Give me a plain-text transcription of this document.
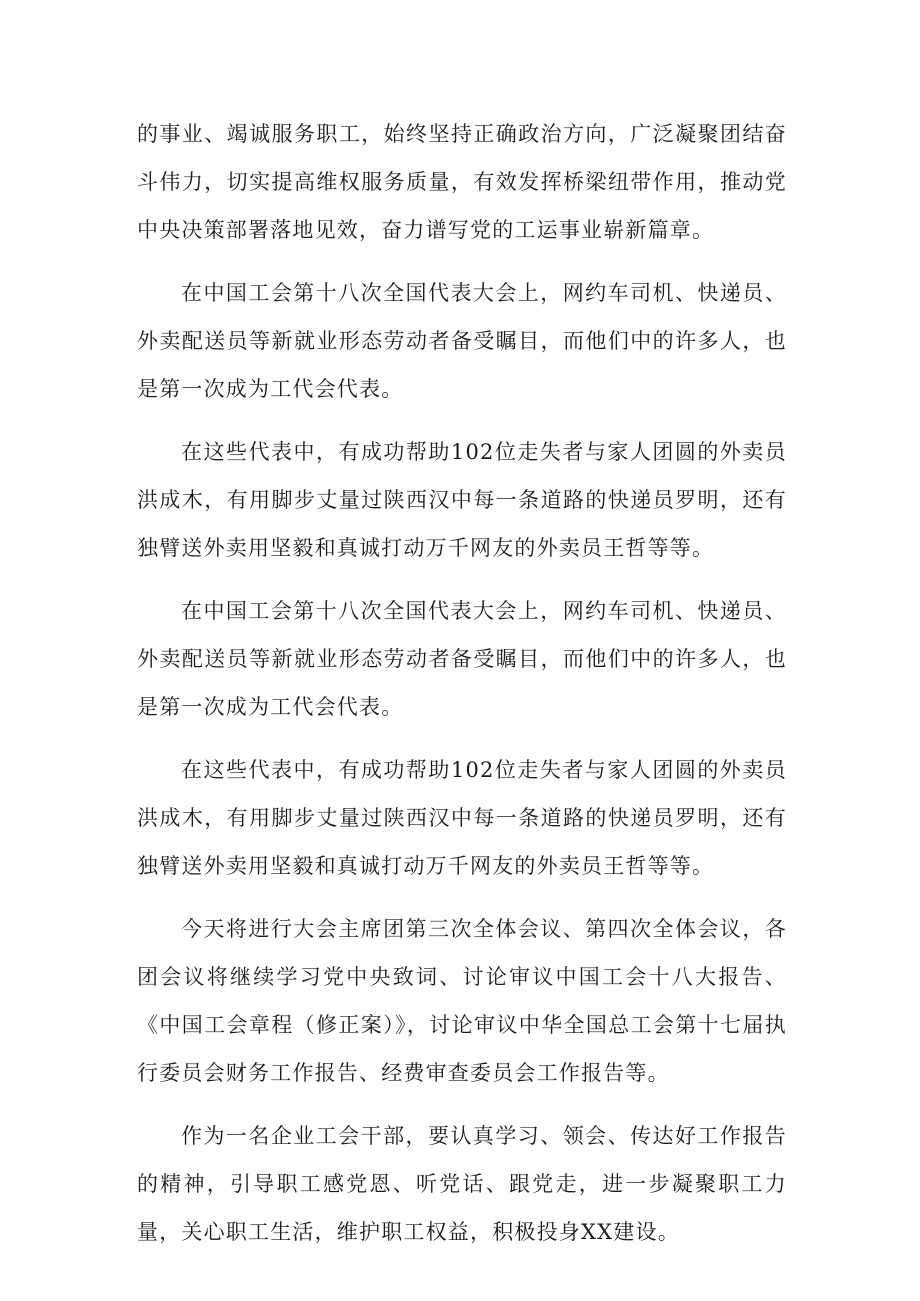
的事业、竭诚服务职工，始终坚持正确政治方向，广泛凝聚团结奋斗伟力，切实提高维权服务质量，有效发挥桥梁纽带作用，推动党中央决策部署落地见效，奋力谱写党的工运事业崭新篇章。

在中国工会第十八次全国代表大会上，网约车司机、快递员、外卖配送员等新就业形态劳动者备受瞩目，而他们中的许多人，也是第一次成为工代会代表。

在这些代表中，有成功帮助102位走失者与家人团圆的外卖员洪成木，有用脚步丈量过陕西汉中每一条道路的快递员罗明，还有独臂送外卖用坚毅和真诚打动万千网友的外卖员王哲等等。

在中国工会第十八次全国代表大会上，网约车司机、快递员、外卖配送员等新就业形态劳动者备受瞩目，而他们中的许多人，也是第一次成为工代会代表。

在这些代表中，有成功帮助102位走失者与家人团圆的外卖员洪成木，有用脚步丈量过陕西汉中每一条道路的快递员罗明，还有独臂送外卖用坚毅和真诚打动万千网友的外卖员王哲等等。

今天将进行大会主席团第三次全体会议、第四次全体会议，各团会议将继续学习党中央致词、讨论审议中国工会十八大报告、《中国工会章程（修正案）》，讨论审议中华全国总工会第十七届执行委员会财务工作报告、经费审查委员会工作报告等。

作为一名企业工会干部，要认真学习、领会、传达好工作报告的精神，引导职工感党恩、听党话、跟党走，进一步凝聚职工力量，关心职工生活，维护职工权益，积极投身XX建设。
